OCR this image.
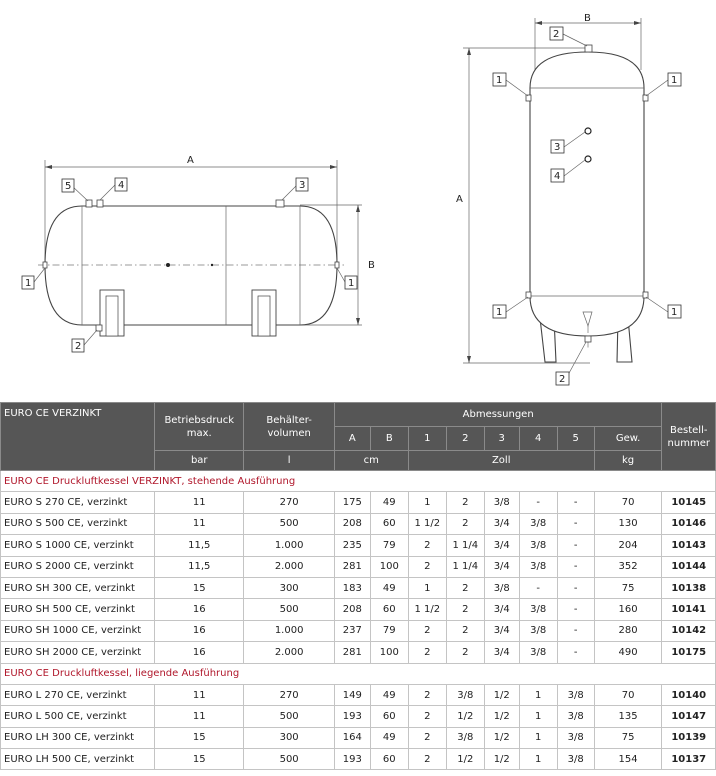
A
B
5	4	3
1	1
2
B
A
2
1	1
3
4
1	1
2
EURO CE VERZINKT	Betriebsdruck max.	Behälter-volumen	Abmessungen								Bestell-nummer
			A	B	1	2	3	4	5	Gew.	
	bar	l	cm		Zoll					kg	
EURO CE Druckluftkessel VERZINKT, stehende Ausführung											
EURO S 270 CE, verzinkt	11	270	175	49	1	2	3/8	-	-	70	10145
EURO S 500 CE, verzinkt	11	500	208	60	1 1/2	2	3/4	3/8	-	130	10146
EURO S 1000 CE, verzinkt	11,5	1.000	235	79	2	1 1/4	3/4	3/8	-	204	10143
EURO S 2000 CE, verzinkt	11,5	2.000	281	100	2	1 1/4	3/4	3/8	-	352	10144
EURO SH 300 CE, verzinkt	15	300	183	49	1	2	3/8	-	-	75	10138
EURO SH 500 CE, verzinkt	16	500	208	60	1 1/2	2	3/4	3/8	-	160	10141
EURO SH 1000 CE, verzinkt	16	1.000	237	79	2	2	3/4	3/8	-	280	10142
EURO SH 2000 CE, verzinkt	16	2.000	281	100	2	2	3/4	3/8	-	490	10175
EURO CE Druckluftkessel, liegende Ausführung											
EURO L 270 CE, verzinkt	11	270	149	49	2	3/8	1/2	1	3/8	70	10140
EURO L 500 CE, verzinkt	11	500	193	60	2	1/2	1/2	1	3/8	135	10147
EURO LH 300 CE, verzinkt	15	300	164	49	2	3/8	1/2	1	3/8	75	10139
EURO LH 500 CE, verzinkt	15	500	193	60	2	1/2	1/2	1	3/8	154	10137
